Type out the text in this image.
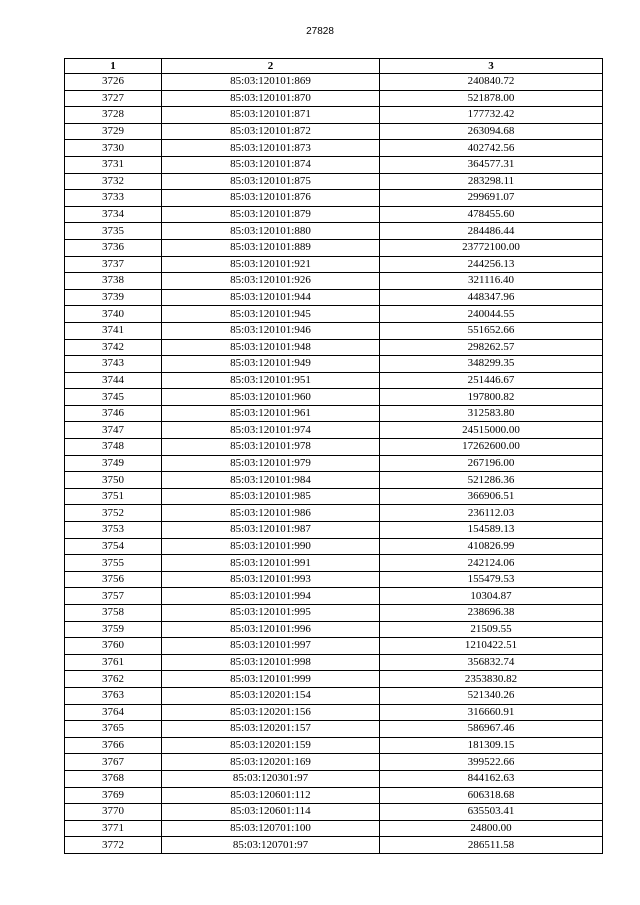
27828
1	2	3
3726	85:03:120101:869	240840.72
3727	85:03:120101:870	521878.00
3728	85:03:120101:871	177732.42
3729	85:03:120101:872	263094.68
3730	85:03:120101:873	402742.56
3731	85:03:120101:874	364577.31
3732	85:03:120101:875	283298.11
3733	85:03:120101:876	299691.07
3734	85:03:120101:879	478455.60
3735	85:03:120101:880	284486.44
3736	85:03:120101:889	23772100.00
3737	85:03:120101:921	244256.13
3738	85:03:120101:926	321116.40
3739	85:03:120101:944	448347.96
3740	85:03:120101:945	240044.55
3741	85:03:120101:946	551652.66
3742	85:03:120101:948	298262.57
3743	85:03:120101:949	348299.35
3744	85:03:120101:951	251446.67
3745	85:03:120101:960	197800.82
3746	85:03:120101:961	312583.80
3747	85:03:120101:974	24515000.00
3748	85:03:120101:978	17262600.00
3749	85:03:120101:979	267196.00
3750	85:03:120101:984	521286.36
3751	85:03:120101:985	366906.51
3752	85:03:120101:986	236112.03
3753	85:03:120101:987	154589.13
3754	85:03:120101:990	410826.99
3755	85:03:120101:991	242124.06
3756	85:03:120101:993	155479.53
3757	85:03:120101:994	10304.87
3758	85:03:120101:995	238696.38
3759	85:03:120101:996	21509.55
3760	85:03:120101:997	1210422.51
3761	85:03:120101:998	356832.74
3762	85:03:120101:999	2353830.82
3763	85:03:120201:154	521340.26
3764	85:03:120201:156	316660.91
3765	85:03:120201:157	586967.46
3766	85:03:120201:159	181309.15
3767	85:03:120201:169	399522.66
3768	85:03:120301:97	844162.63
3769	85:03:120601:112	606318.68
3770	85:03:120601:114	635503.41
3771	85:03:120701:100	24800.00
3772	85:03:120701:97	286511.58
